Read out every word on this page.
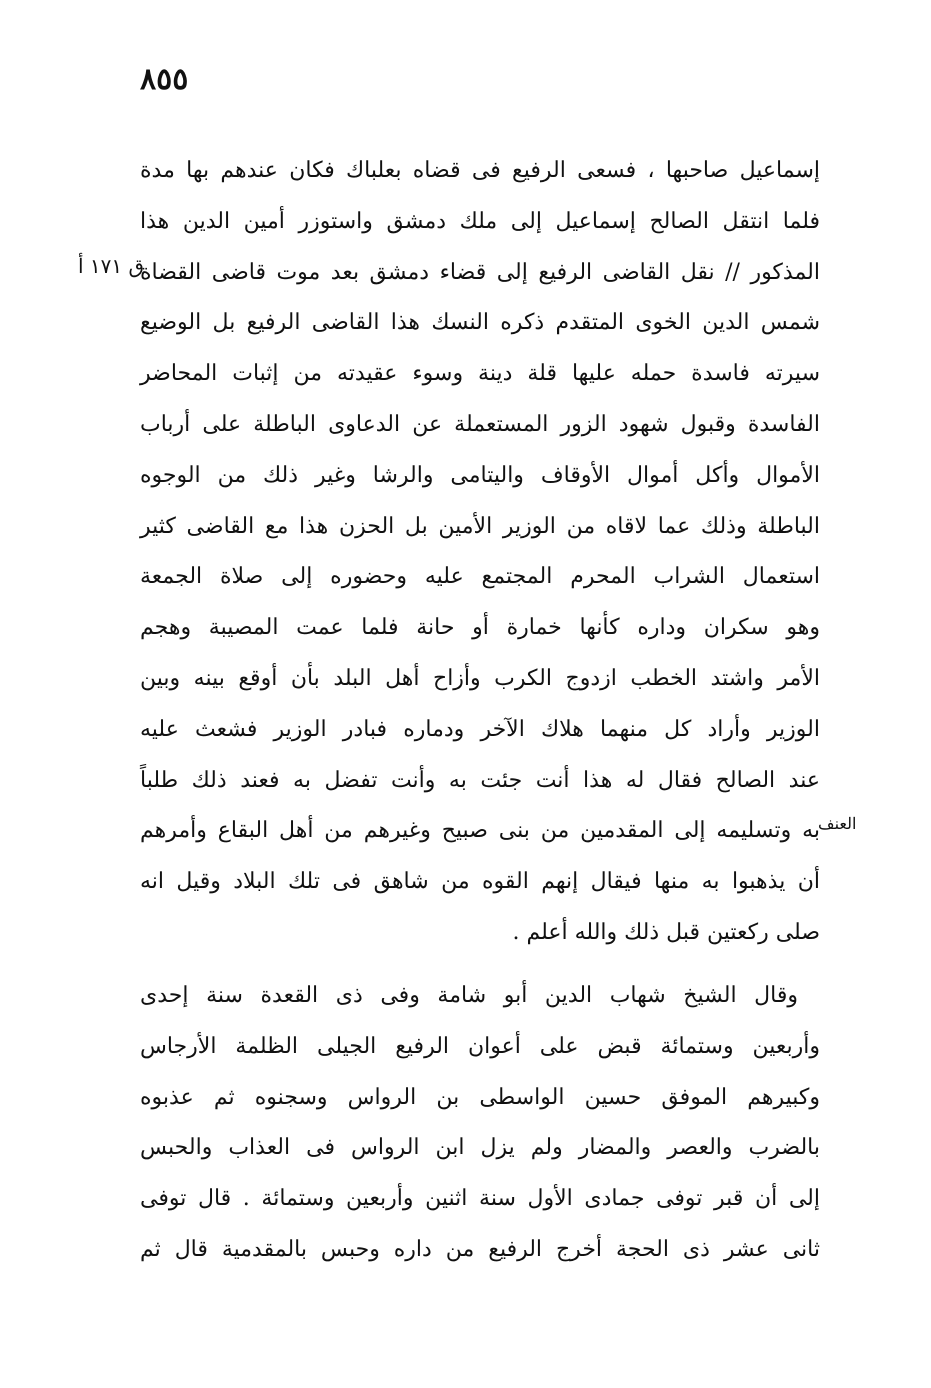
٨٥٥
ق ١٧١ أ
العنف
إسماعيل صاحبها ، فسعى الرفيع فى قضاه بعلباك فكان عندهم بها مدة
فلما انتقل الصالح إسماعيل إلى ملك دمشق واستوزر أمين الدين هذا
المذكور // نقل القاضى الرفيع إلى قضاء دمشق بعد موت قاضى القضاة
شمس الدين الخوى المتقدم ذكره النسك هذا القاضى الرفيع بل الوضيع
سيرته فاسدة حمله عليها قلة دينة وسوء عقيدته من إثبات المحاضر
الفاسدة وقبول شهود الزور المستعملة عن الدعاوى الباطلة على أرباب
الأموال وأكل أموال الأوقاف واليتامى والرشا وغير ذلك من الوجوه
الباطلة وذلك عما لاقاه من الوزير الأمين بل الحزن هذا مع القاضى كثير
استعمال الشراب المحرم المجتمع عليه وحضوره إلى صلاة الجمعة
وهو سكران وداره كأنها خمارة أو حانة فلما عمت المصيبة وهجم
الأمر واشتد الخطب ازدوج الكرب وأزاح أهل البلد بأن أوقع بينه وبين
الوزير وأراد كل منهما هلاك الآخر ودماره فبادر الوزير فشعث عليه
عند الصالح فقال له هذا أنت جئت به وأنت تفضل به فعند ذلك طلباً
به وتسليمه إلى المقدمين من بنى صبيح وغيرهم من أهل البقاع وأمرهم
أن يذهبوا به منها فيقال إنهم القوه من شاهق فى تلك البلاد وقيل انه
صلى ركعتين قبل ذلك والله أعلم .
وقال الشيخ شهاب الدين أبو شامة وفى ذى القعدة سنة إحدى
وأربعين وستمائة قبض على أعوان الرفيع الجيلى الظلمة الأرجاس
وكبيرهم الموفق حسين الواسطى بن الرواس وسجنوه ثم عذبوه
بالضرب والعصر والمضار ولم يزل ابن الرواس فى العذاب والحبس
إلى أن قبر توفى جمادى الأول سنة اثنين وأربعين وستمائة . قال توفى
ثانى عشر ذى الحجة أخرج الرفيع من داره وحبس بالمقدمية قال ثم
